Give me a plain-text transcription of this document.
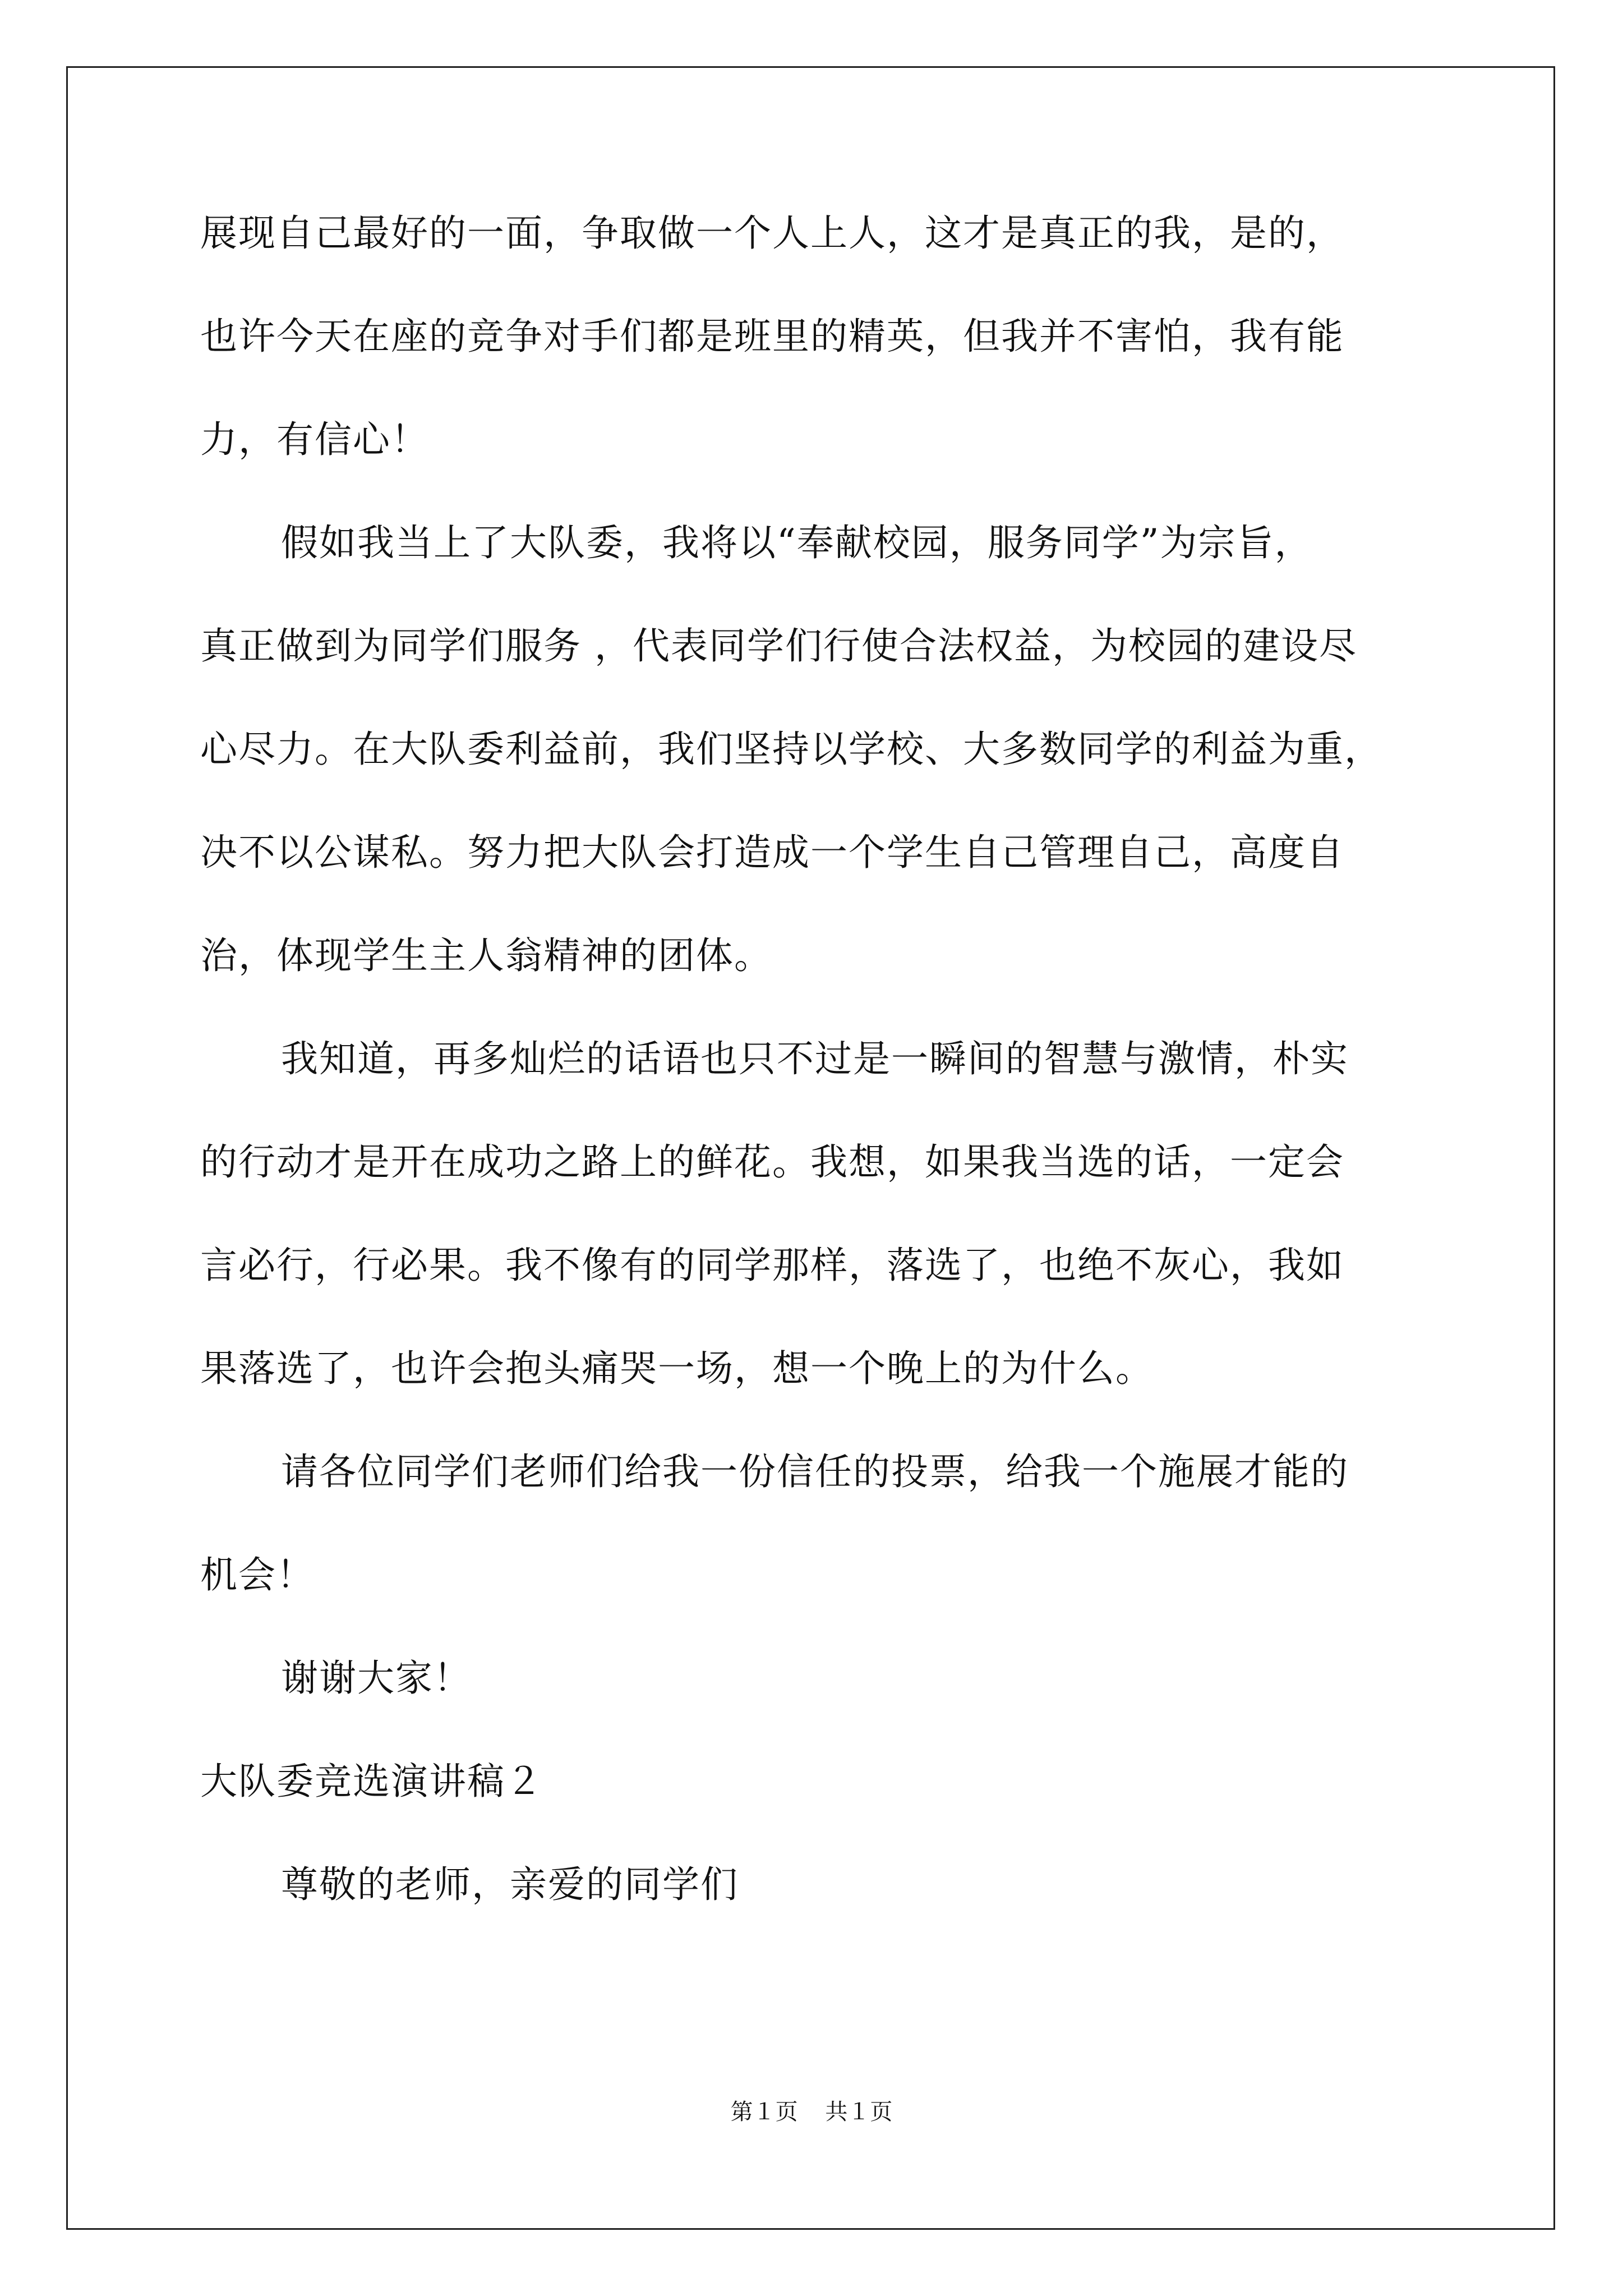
展现自己最好的一面，争取做一个人上人，这才是真正的我，是的，
也许今天在座的竞争对手们都是班里的精英，但我并不害怕，我有能
力，有信心！
假如我当上了大队委，我将以“奉献校园，服务同学”为宗旨，
真正做到为同学们服务 ，代表同学们行使合法权益，为校园的建设尽
心尽力。在大队委利益前，我们坚持以学校、大多数同学的利益为重，
决不以公谋私。努力把大队会打造成一个学生自己管理自己，高度自
治，体现学生主人翁精神的团体。
我知道，再多灿烂的话语也只不过是一瞬间的智慧与激情，朴实
的行动才是开在成功之路上的鲜花。我想，如果我当选的话，一定会
言必行，行必果。我不像有的同学那样，落选了，也绝不灰心，我如
果落选了，也许会抱头痛哭一场，想一个晚上的为什么。
请各位同学们老师们给我一份信任的投票，给我一个施展才能的
机会！
谢谢大家！
大队委竞选演讲稿２
尊敬的老师，亲爱的同学们
第１页 共１页
